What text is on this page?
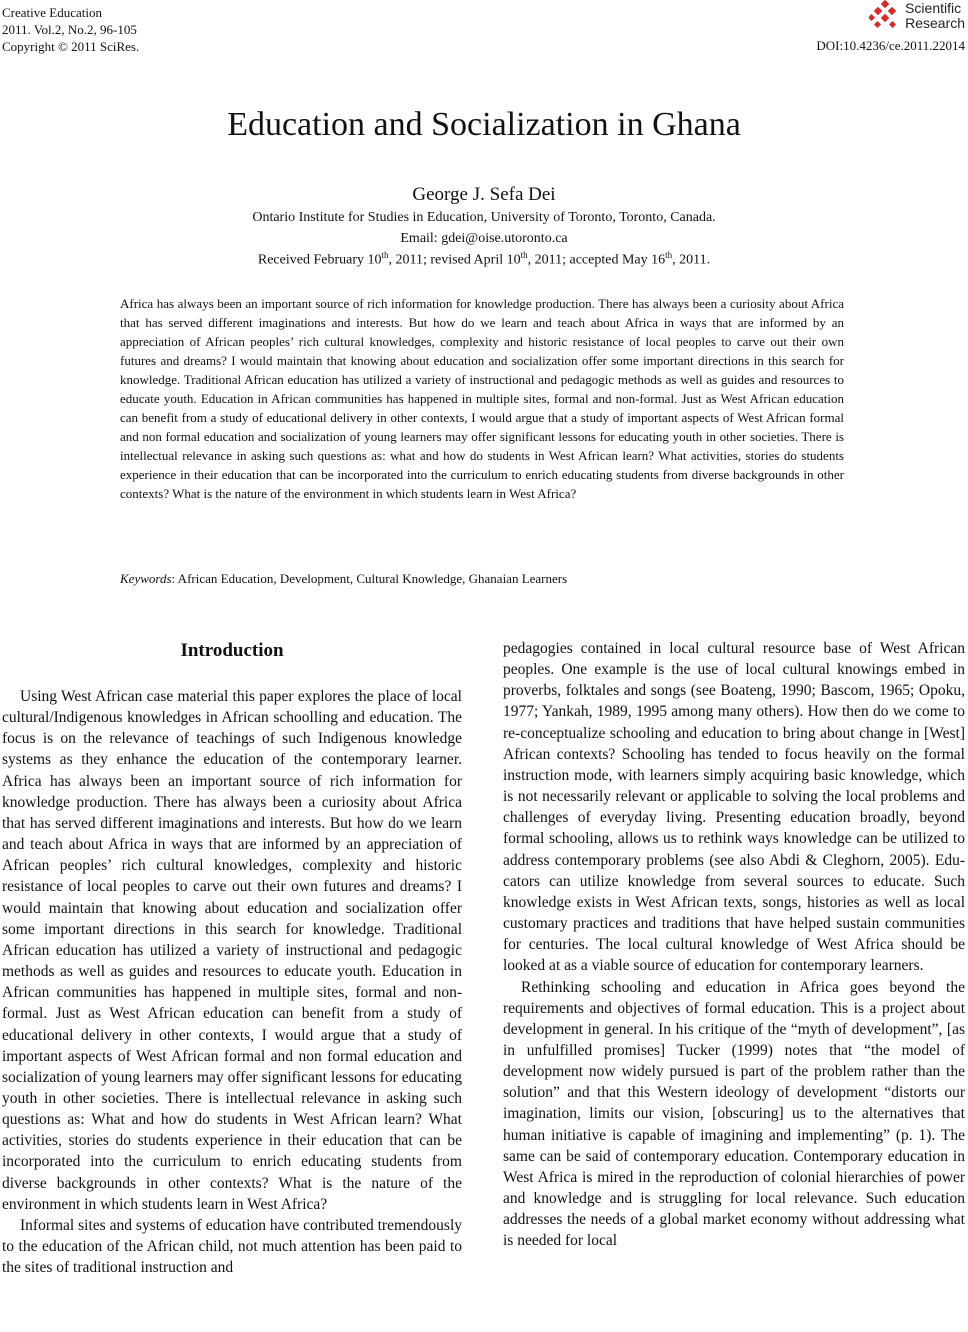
Creative Education
2011. Vol.2, No.2, 96-105
Copyright © 2011 SciRes.
Scientific
Research
DOI:10.4236/ce.2011.22014
Education and Socialization in Ghana
George J. Sefa Dei
Ontario Institute for Studies in Education, University of Toronto, Toronto, Canada.
Email: gdei@oise.utoronto.ca
Received February 10th, 2011; revised April 10th, 2011; accepted May 16th, 2011.
Africa has always been an important source of rich information for knowledge production. There has always been a curiosity about Africa that has served different imaginations and interests. But how do we learn and teach about Africa in ways that are informed by an appreciation of African peoples’ rich cultural knowledges, complexity and historic resistance of local peoples to carve out their own futures and dreams? I would maintain that knowing about education and socialization offer some important directions in this search for knowledge. Traditional African education has utilized a variety of instructional and pedagogic methods as well as guides and resources to educate youth. Education in African communities has happened in multiple sites, formal and non-formal. Just as West African education can benefit from a study of educational delivery in other contexts, I would argue that a study of important aspects of West African formal and non formal education and socialization of young learners may offer significant lessons for educating youth in other societies. There is intellectual relevance in asking such questions as: what and how do students in West African learn? What activities, stories do students experience in their education that can be incorporated into the curriculum to enrich educating students from diverse backgrounds in other contexts? What is the nature of the environment in which students learn in West Africa?
Keywords: African Education, Development, Cultural Knowledge, Ghanaian Learners
Introduction

Using West African case material this paper explores the place of local cultural/Indigenous knowledges in African schoolling and education. The focus is on the relevance of teachings of such Indigenous knowledge systems as they enhance the education of the contemporary learner. Africa has always been an important source of rich information for knowledge production. There has always been a curiosity about Africa that has served different imaginations and interests. But how do we learn and teach about Africa in ways that are informed by an appreciation of African peoples’ rich cultural knowledges, complexity and historic resistance of local peoples to carve out their own futures and dreams? I would maintain that knowing about education and socialization offer some important directions in this search for knowledge. Traditional African education has utilized a variety of instructional and pedagogic methods as well as guides and resources to educate youth. Education in African communities has happened in multiple sites, formal and non-formal. Just as West African education can benefit from a study of educational delivery in other contexts, I would argue that a study of important aspects of West African formal and non formal education and socialization of young learners may offer significant lessons for educating youth in other societies. There is intellectual relevance in asking such questions as: What and how do students in West African learn? What activities, stories do students experience in their education that can be incorporated into the curriculum to enrich educating students from diverse backgrounds in other contexts? What is the nature of the environment in which students learn in West Africa?

Informal sites and systems of education have contributed tremendously to the education of the African child, not much attention has been paid to the sites of traditional instruction and

pedagogies contained in local cultural resource base of West African peoples. One example is the use of local cultural knowings embed in proverbs, folktales and songs (see Boateng, 1990; Bascom, 1965; Opoku, 1977; Yankah, 1989, 1995 among many others). How then do we come to re-conceptualize schooling and education to bring about change in [West] African contexts? Schooling has tended to focus heavily on the formal instruction mode, with learners simply acquiring basic knowledge, which is not necessarily relevant or applicable to solving the local problems and challenges of everyday living. Presenting education broadly, beyond formal schooling, allows us to rethink ways knowledge can be utilized to address contemporary problems (see also Abdi & Cleghorn, 2005). Educators can utilize knowledge from several sources to educate. Such knowledge exists in West African texts, songs, histories as well as local customary practices and traditions that have helped sustain communities for centuries. The local cultural knowledge of West Africa should be looked at as a viable source of education for contemporary learners.

Rethinking schooling and education in Africa goes beyond the requirements and objectives of formal education. This is a project about development in general. In his critique of the “myth of development”, [as in unfulfilled promises] Tucker (1999) notes that “the model of development now widely pursued is part of the problem rather than the solution” and that this Western ideology of development “distorts our imagination, limits our vision, [obscuring] us to the alternatives that human initiative is capable of imagining and implementing” (p. 1). The same can be said of contemporary education. Contemporary education in West Africa is mired in the reproduction of colonial hierarchies of power and knowledge and is struggling for local relevance. Such education addresses the needs of a global market economy without addressing what is needed for local
